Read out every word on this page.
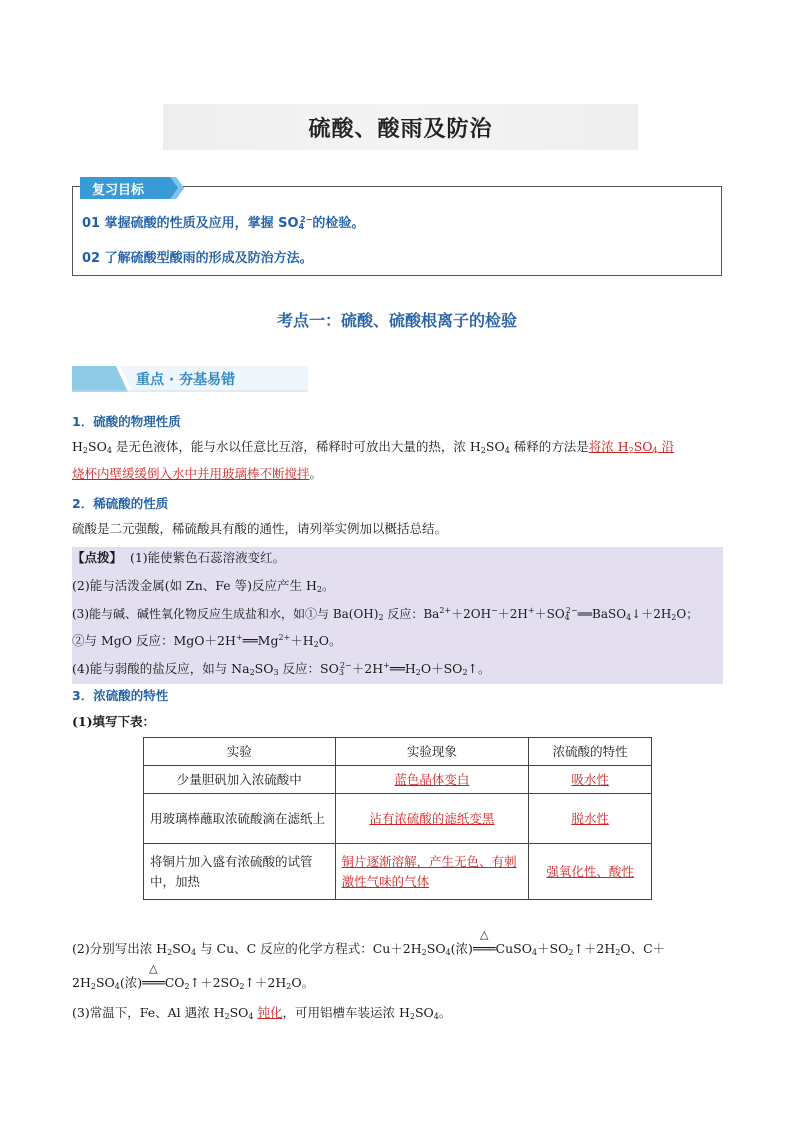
硫酸、酸雨及防治
复习目标
01 掌握硫酸的性质及应用，掌握 $SO_4^{2-}$的检验。
02 了解硫酸型酸雨的形成及防治方法。
考点一：硫酸、硫酸根离子的检验
重点 · 夯基易错
1．硫酸的物理性质
$H_2SO_4$ 是无色液体，能与水以任意比互溶，稀释时可放出大量的热，浓 $H_2SO_4$ 稀释的方法是将浓 $H_2SO_4$ 沿
烧杯内壁缓缓倒入水中并用玻璃棒不断搅拌。
2．稀硫酸的性质
硫酸是二元强酸，稀硫酸具有酸的通性，请列举实例加以概括总结。
【点拨】 (1)能使紫色石蕊溶液变红。
(2)能与活泼金属(如 Zn、Fe 等)反应产生 $H_2$。
(3)能与碱、碱性氧化物反应生成盐和水，如①与 $Ba(OH)_2$ 反应：$Ba^{2+}+2OH^-+2H^++SO_4^{2-}══BaSO_4↓+2H_2O$；
②与 MgO 反应：$MgO+2H^+══Mg^{2+}+H_2O$。
(4)能与弱酸的盐反应，如与 $Na_2SO_3$ 反应：$SO_3^{2-}+2H^+══H_2O+SO_2↑$。
3．浓硫酸的特性
(1)填写下表：
实验	实验现象	浓硫酸的特性
少量胆矾加入浓硫酸中	蓝色晶体变白	吸水性
用玻璃棒蘸取浓硫酸滴在滤纸上	沾有浓硫酸的滤纸变黑	脱水性
将铜片加入盛有浓硫酸的试管中，加热	铜片逐渐溶解，产生无色、有刺激性气味的气体	强氧化性、酸性
(2)分别写出浓 $H_2SO_4$ 与 Cu、C 反应的化学方程式：$Cu+2H_2SO_4$(浓)
△
$═══CuSO_4+SO_2↑+2H_2O$、C＋
$2H_2SO_4$(浓)
△
$═══CO_2↑+2SO_2↑+2H_2O$。
(3)常温下，Fe、Al 遇浓 $H_2SO_4$ 钝化，可用铝槽车装运浓 $H_2SO_4$。
